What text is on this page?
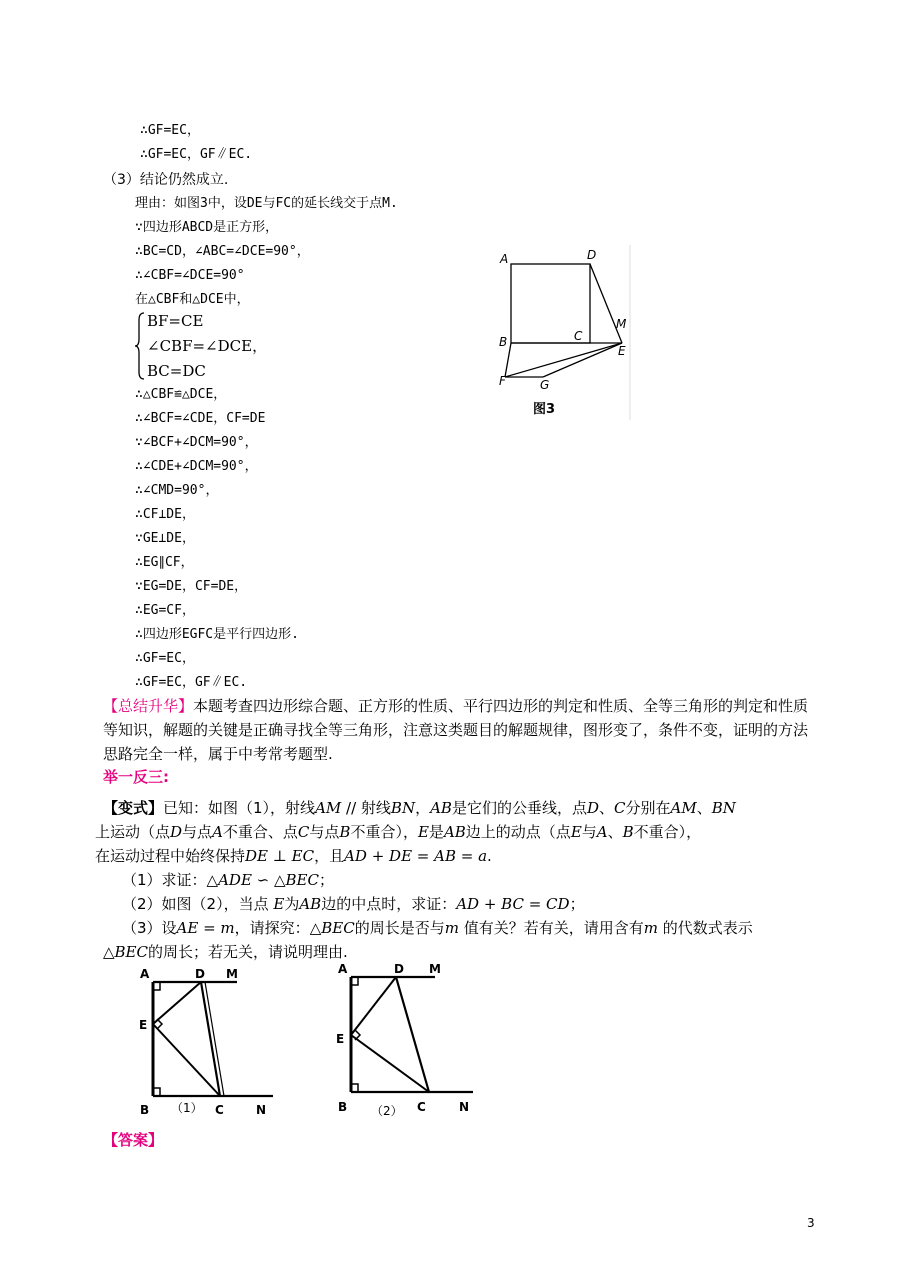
∴GF=EC，
∴GF=EC，GF∥EC.
（3）结论仍然成立.
理由：如图3中，设DE与FC的延长线交于点M.
∵四边形ABCD是正方形，
∴BC=CD，∠ABC=∠DCE=90°，
∴∠CBF=∠DCE=90°
在△CBF和△DCE中，
BF=CE
∠CBF=∠DCE，
BC=DC
∴△CBF≌△DCE，
∴∠BCF=∠CDE，CF=DE
∵∠BCF+∠DCM=90°，
∴∠CDE+∠DCM=90°，
∴∠CMD=90°，
∴CF⊥DE，
∵GE⊥DE，
∴EG∥CF，
∵EG=DE，CF=DE，
∴EG=CF，
∴四边形EGFC是平行四边形.
∴GF=EC，
∴GF=EC，GF∥EC.
A	D
B	C
M
E
F	G
图3
【总结升华】本题考查四边形综合题、正方形的性质、平行四边形的判定和性质、全等三角形的判定和性质等知识，解题的关键是正确寻找全等三角形，注意这类题目的解题规律，图形变了，条件不变，证明的方法思路完全一样，属于中考常考题型.
举一反三:
【变式】已知：如图（1），射线AM // 射线BN，AB是它们的公垂线，点D、C分别在AM、BN
上运动（点D与点A不重合、点C与点B不重合），E是AB边上的动点（点E与A、B不重合），
在运动过程中始终保持DE ⊥ EC，且AD + DE = AB = a.
（1）求证：△ADE ∽ △BEC；
（2）如图（2），当点 E为AB边的中点时，求证：AD + BC = CD；
（3）设AE = m，请探究：△BEC的周长是否与m 值有关？若有关，请用含有m 的代数式表示
△BEC的周长；若无关，请说明理由.
A	D M
E
B	C	N
（1）
A	D M
E
B	C	N
（2）
【答案】
3
